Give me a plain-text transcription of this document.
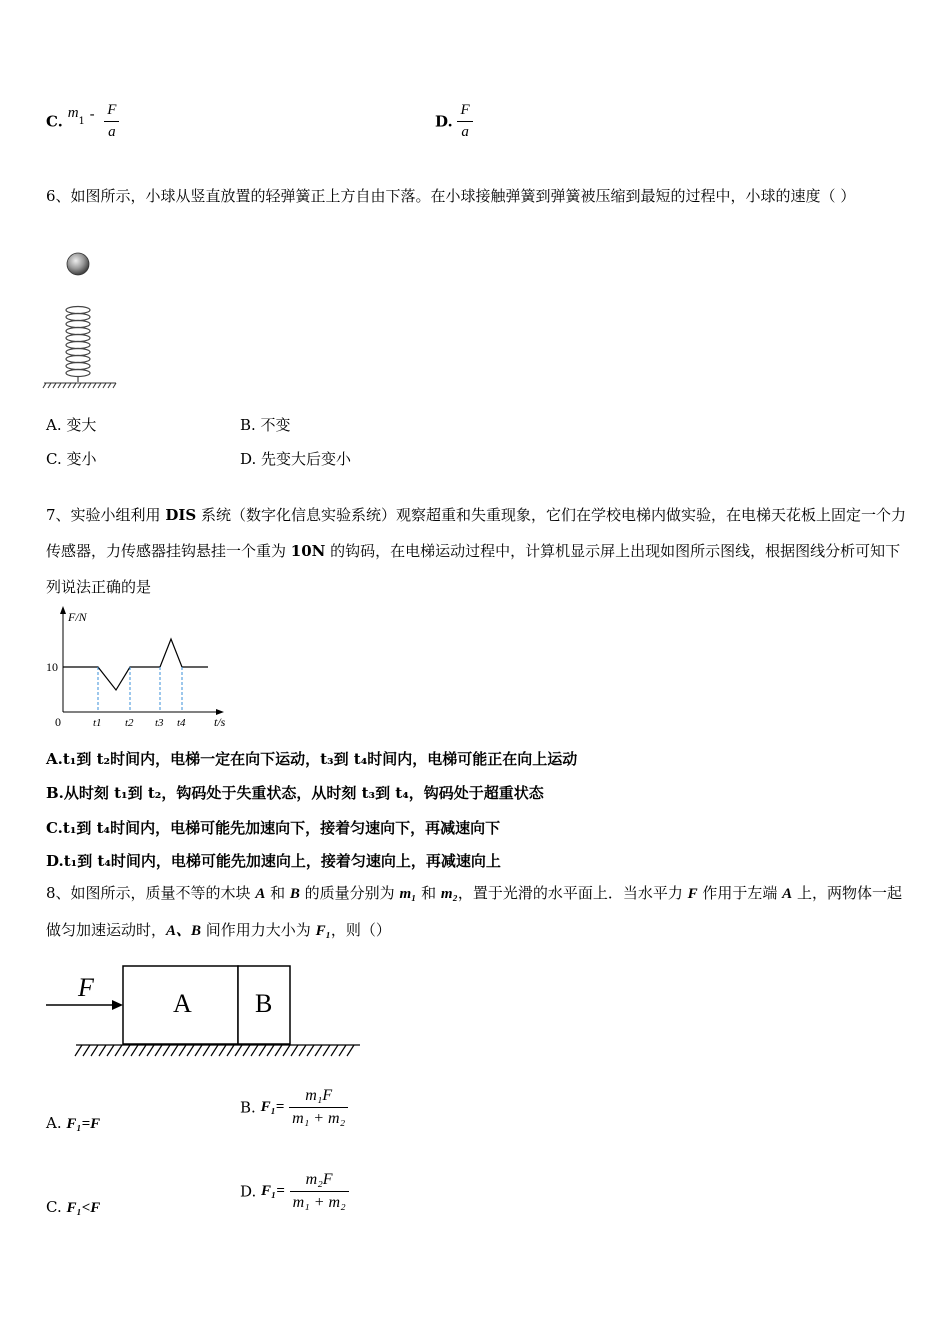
C. $m_1 - \frac{F}{a}$	D. $\frac{F}{a}$
6、如图所示，小球从竖直放置的轻弹簧正上方自由下落。在小球接触弹簧到弹簧被压缩到最短的过程中，小球的速度（ ）
A. 变大	B. 不变
C. 变小	D. 先变大后变小
7、实验小组利用 DIS 系统（数字化信息实验系统）观察超重和失重现象，它们在学校电梯内做实验，在电梯天花板上固定一个力传感器，力传感器挂钩悬挂一个重为 10N 的钩码，在电梯运动过程中，计算机显示屏上出现如图所示图线，根据图线分析可知下列说法正确的是
F/N
t/s
0
10
t1 t2 t3 t4
A.t₁到 t₂时间内，电梯一定在向下运动，t₃到 t₄时间内，电梯可能正在向上运动
B.从时刻 t₁到 t₂，钩码处于失重状态，从时刻 t₃到 t₄，钩码处于超重状态
C.t₁到 t₄时间内，电梯可能先加速向下，接着匀速向下，再减速向下
D.t₁到 t₄时间内，电梯可能先加速向上，接着匀速向上，再减速向上
8、如图所示，质量不等的木块 A 和 B 的质量分别为 m₁ 和 m₂，置于光滑的水平面上．当水平力 F 作用于左端 A 上，两物体一起做匀加速运动时，A、B 间作用力大小为 F₁，则（）
F
A B
A. F₁=F
B. $F_1= \frac{\text{m₁F}}{\text{m₁ + m₂}}$
C. F₁<F
D. $F_1= \frac{\text{m₂F}}{\text{m₁ + m₂}}$
